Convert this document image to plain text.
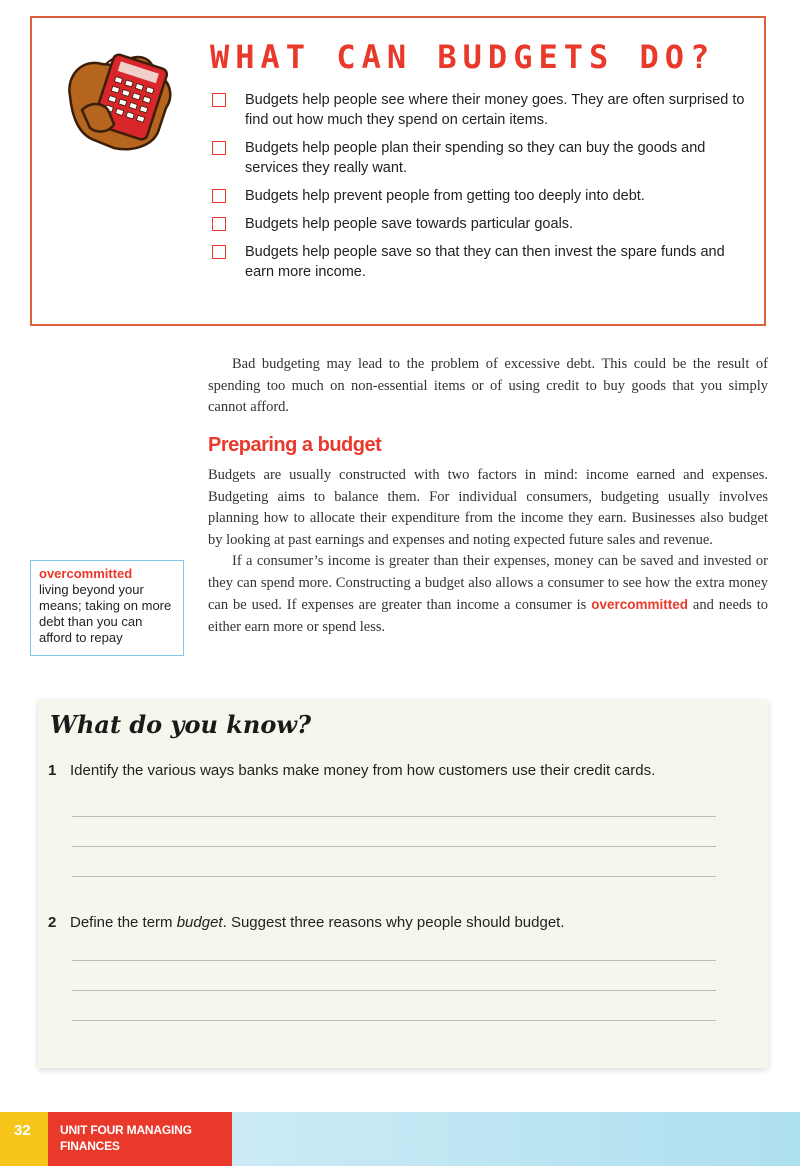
WHAT CAN BUDGETS DO?
Budgets help people see where their money goes. They are often surprised to find out how much they spend on certain items.
Budgets help people plan their spending so they can buy the goods and services they really want.
Budgets help prevent people from getting too deeply into debt.
Budgets help people save towards particular goals.
Budgets help people save so that they can then invest the spare funds and earn more income.
overcommitted
living beyond your means; taking on more debt than you can afford to repay

Bad budgeting may lead to the problem of excessive debt. This could be the result of spending too much on non-essential items or of using credit to buy goods that you simply cannot afford.

Preparing a budget

Budgets are usually constructed with two factors in mind: income earned and expenses. Budgeting aims to balance them. For individual consumers, budgeting usually involves planning how to allocate their expenditure from the income they earn. Businesses also budget by looking at past earnings and expenses and noting expected future sales and revenue.

If a consumer’s income is greater than their expenses, money can be saved and invested or they can spend more. Constructing a budget also allows a consumer to see how the extra money can be used. If expenses are greater than income a consumer is overcommitted and needs to either earn more or spend less.

What do you know?
1 Identify the various ways banks make money from how customers use their credit cards.
2 Define the term budget. Suggest three reasons why people should budget.
32 UNIT FOUR MANAGING FINANCES
